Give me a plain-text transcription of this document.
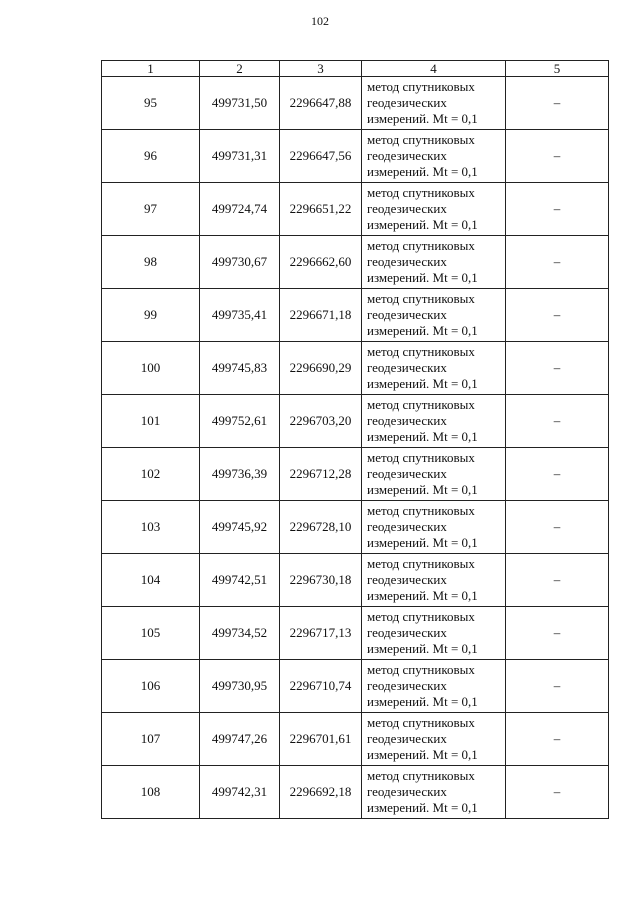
102
1	2	3	4	5
95	499731,50	2296647,88	метод спутниковых
геодезических
измерений. Mt = 0,1	–
96	499731,31	2296647,56	метод спутниковых
геодезических
измерений. Mt = 0,1	–
97	499724,74	2296651,22	метод спутниковых
геодезических
измерений. Mt = 0,1	–
98	499730,67	2296662,60	метод спутниковых
геодезических
измерений. Mt = 0,1	–
99	499735,41	2296671,18	метод спутниковых
геодезических
измерений. Mt = 0,1	–
100	499745,83	2296690,29	метод спутниковых
геодезических
измерений. Mt = 0,1	–
101	499752,61	2296703,20	метод спутниковых
геодезических
измерений. Mt = 0,1	–
102	499736,39	2296712,28	метод спутниковых
геодезических
измерений. Mt = 0,1	–
103	499745,92	2296728,10	метод спутниковых
геодезических
измерений. Mt = 0,1	–
104	499742,51	2296730,18	метод спутниковых
геодезических
измерений. Mt = 0,1	–
105	499734,52	2296717,13	метод спутниковых
геодезических
измерений. Mt = 0,1	–
106	499730,95	2296710,74	метод спутниковых
геодезических
измерений. Mt = 0,1	–
107	499747,26	2296701,61	метод спутниковых
геодезических
измерений. Mt = 0,1	–
108	499742,31	2296692,18	метод спутниковых
геодезических
измерений. Mt = 0,1	–
